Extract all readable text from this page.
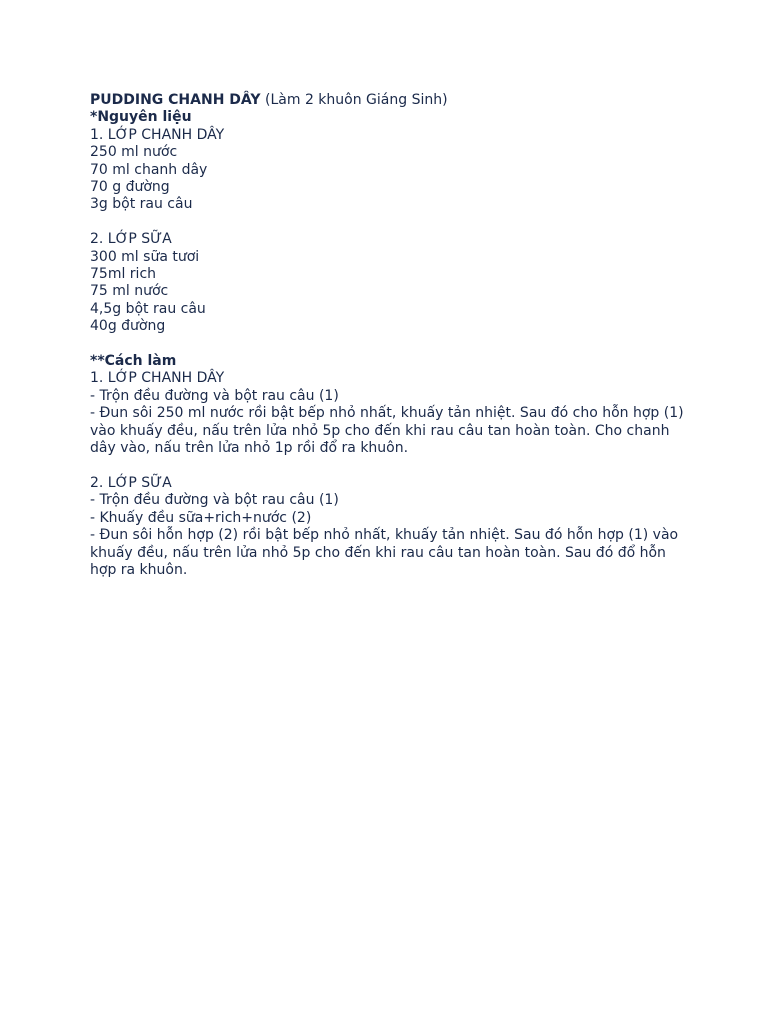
PUDDING CHANH DÂY (Làm 2 khuôn Giáng Sinh)
*Nguyên liệu
1. LỚP CHANH DÂY
250 ml nước
70 ml chanh dây
70 g đường
3g bột rau câu
2. LỚP SỮA
300 ml sữa tươi
75ml rich
75 ml nước
4,5g bột rau câu
40g đường
**Cách làm
1. LỚP CHANH DÂY
- Trộn đều đường và bột rau câu (1)
- Đun sôi 250 ml nước rồi bật bếp nhỏ nhất, khuấy tản nhiệt. Sau đó cho hỗn hợp (1) vào khuấy đều, nấu trên lửa nhỏ 5p cho đến khi rau câu tan hoàn toàn. Cho chanh dây vào, nấu trên lửa nhỏ 1p rồi đổ ra khuôn.
2. LỚP SỮA
- Trộn đều đường và bột rau câu (1)
- Khuấy đều sữa+rich+nước (2)
- Đun sôi hỗn hợp (2) rồi bật bếp nhỏ nhất, khuấy tản nhiệt. Sau đó hỗn hợp (1) vào khuấy đều, nấu trên lửa nhỏ 5p cho đến khi rau câu tan hoàn toàn. Sau đó đổ hỗn hợp ra khuôn.
